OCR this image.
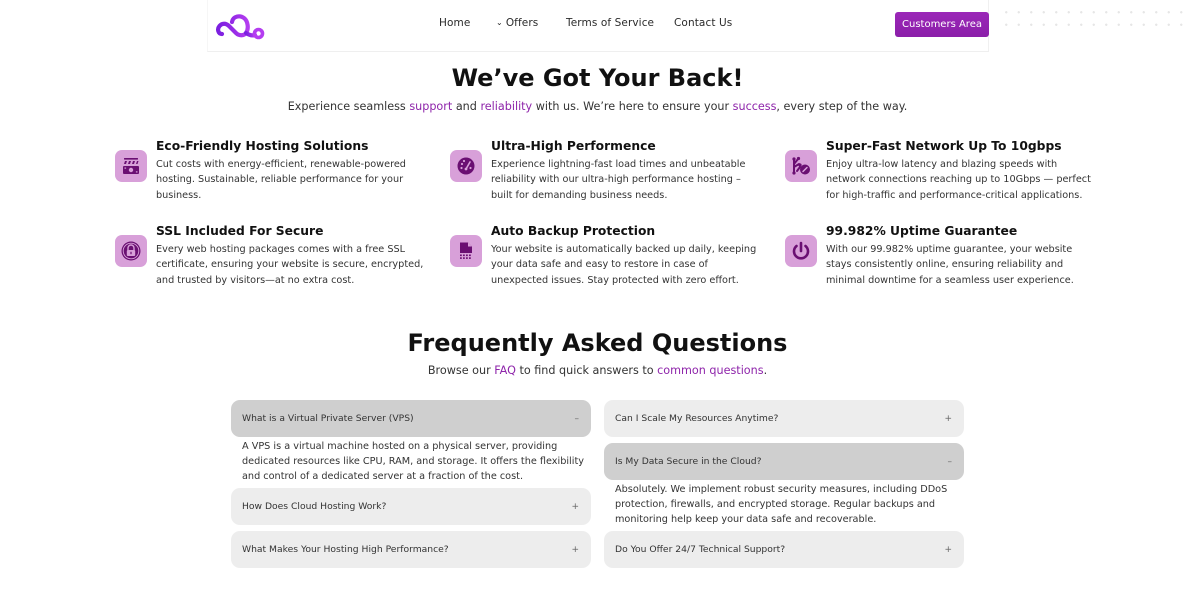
Home	⌄ Offers	Terms of Service Contact Us	Customers Area
We’ve Got Your Back!

Experience seamless support and reliability with us. We’re here to ensure your success, every step of the way.

Eco-Friendly Hosting Solutions
Cut costs with energy-efficient, renewable-powered hosting. Sustainable, reliable performance for your business.
Ultra-High Performence
Experience lightning-fast load times and unbeatable reliability with our ultra-high performance hosting – built for demanding business needs.
Super-Fast Network Up To 10gbps
Enjoy ultra-low latency and blazing speeds with network connections reaching up to 10Gbps — perfect for high-traffic and performance-critical applications.
SSL Included For Secure
Every web hosting packages comes with a free SSL certificate, ensuring your website is secure, encrypted, and trusted by visitors—at no extra cost.
Auto Backup Protection
Your website is automatically backed up daily, keeping your data safe and easy to restore in case of unexpected issues. Stay protected with zero effort.
99.982% Uptime Guarantee
With our 99.982% uptime guarantee, your website stays consistently online, ensuring reliability and minimal downtime for a seamless user experience.
Frequently Asked Questions

Browse our FAQ to find quick answers to common questions.

What is a Virtual Private Server (VPS)	–
A VPS is a virtual machine hosted on a physical server, providing dedicated resources like CPU, RAM, and storage. It offers the flexibility and control of a dedicated server at a fraction of the cost.
How Does Cloud Hosting Work?	+
What Makes Your Hosting High Performance?	+
Can I Scale My Resources Anytime?	+
Is My Data Secure in the Cloud?	–
Absolutely. We implement robust security measures, including DDoS protection, firewalls, and encrypted storage. Regular backups and monitoring help keep your data safe and recoverable.
Do You Offer 24/7 Technical Support?	+
